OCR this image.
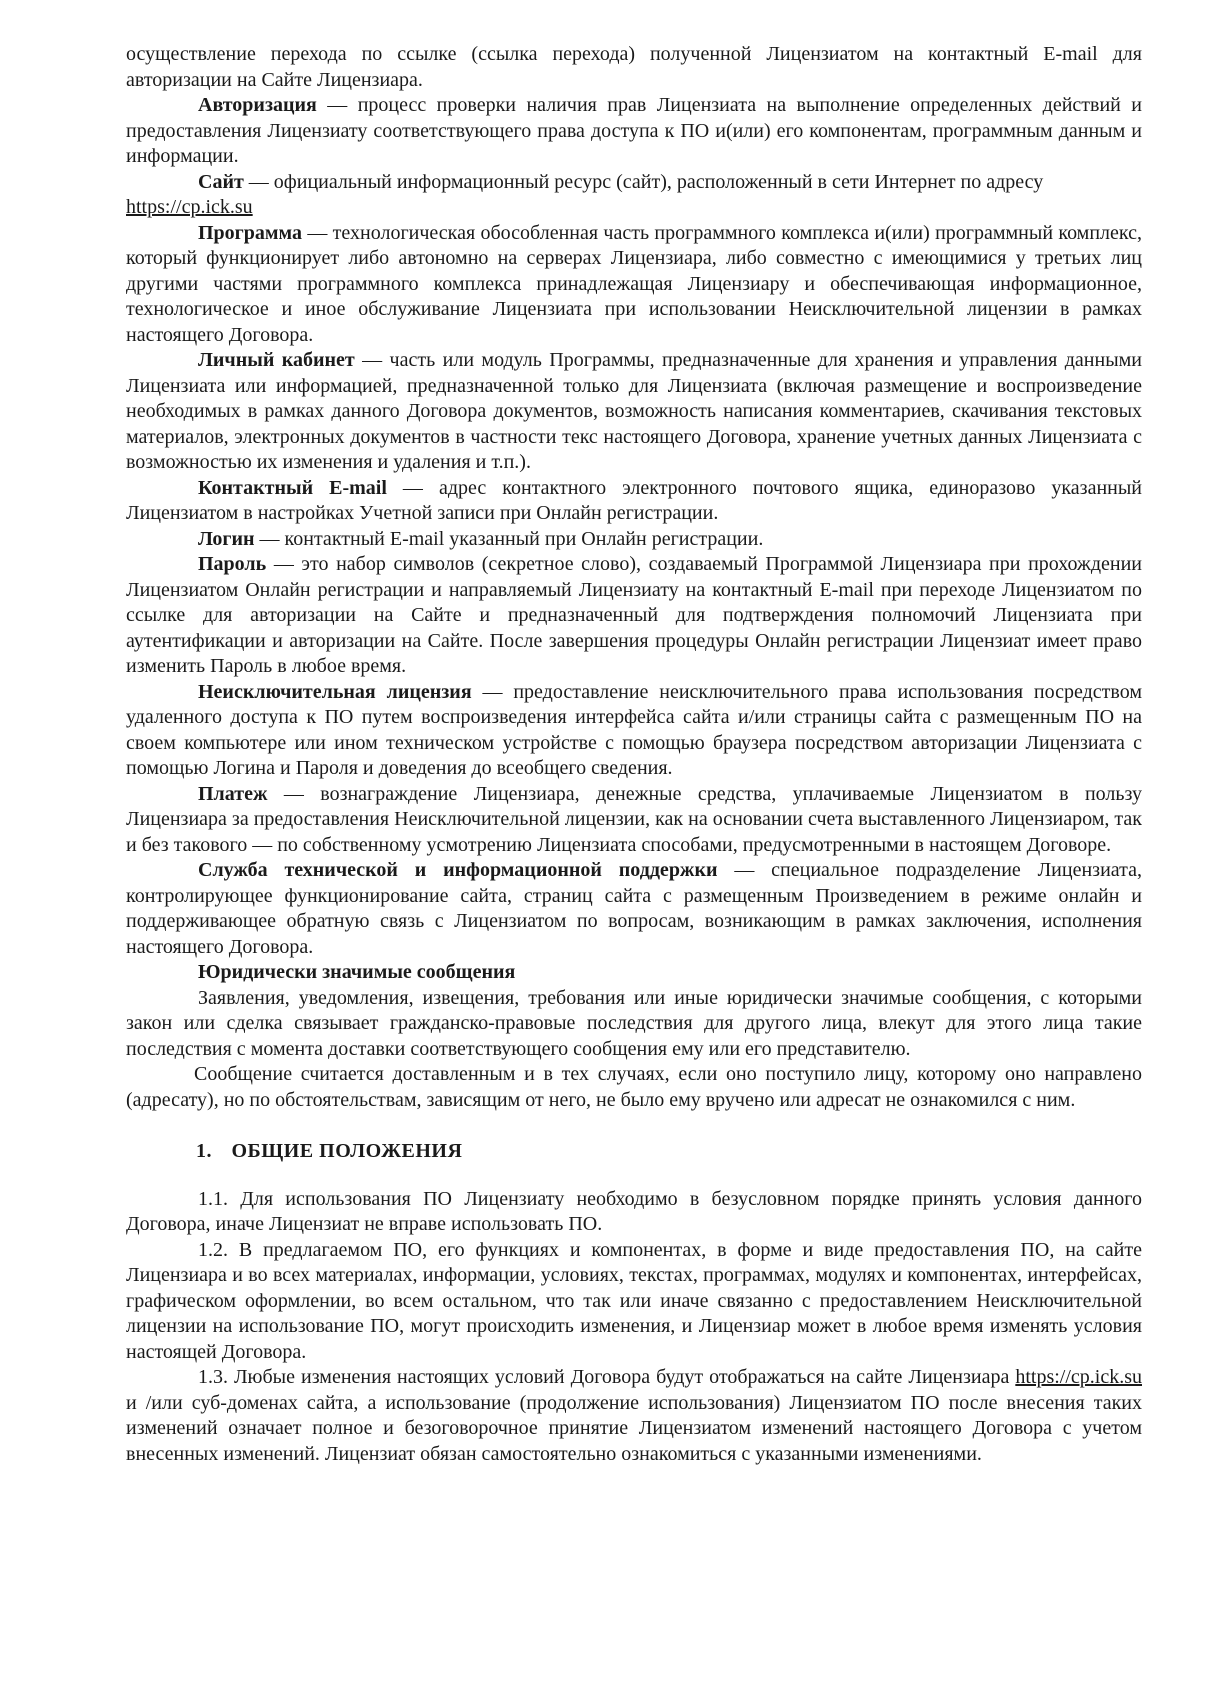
осуществление перехода по ссылке (ссылка перехода) полученной Лицензиатом на контактный E-mail для авторизации на Сайте Лицензиара.

Авторизация — процесс проверки наличия прав Лицензиата на выполнение определенных действий и предоставления Лицензиату соответствующего права доступа к ПО и(или) его компонентам, программным данным и информации.

Сайт — официальный информационный ресурс (сайт), расположенный в сети Интернет по адресу
https://cp.ick.su

Программа — технологическая обособленная часть программного комплекса и(или) программный комплекс, который функционирует либо автономно на серверах Лицензиара, либо совместно с имеющимися у третьих лиц другими частями программного комплекса принадлежащая Лицензиару и обеспечивающая информационное, технологическое и иное обслуживание Лицензиата при использовании Неисключительной лицензии в рамках настоящего Договора.

Личный кабинет — часть или модуль Программы, предназначенные для хранения и управления данными Лицензиата или информацией, предназначенной только для Лицензиата (включая размещение и воспроизведение необходимых в рамках данного Договора документов, возможность написания комментариев, скачивания текстовых материалов, электронных документов в частности текс настоящего Договора, хранение учетных данных Лицензиата с возможностью их изменения и удаления и т.п.).

Контактный E-mail — адрес контактного электронного почтового ящика, единоразово указанный Лицензиатом в настройках Учетной записи при Онлайн регистрации.

Логин — контактный E-mail указанный при Онлайн регистрации.

Пароль — это набор символов (секретное слово), создаваемый Программой Лицензиара при прохождении Лицензиатом Онлайн регистрации и направляемый Лицензиату на контактный E-mail при переходе Лицензиатом по ссылке для авторизации на Сайте и предназначенный для подтверждения полномочий Лицензиата при аутентификации и авторизации на Сайте. После завершения процедуры Онлайн регистрации Лицензиат имеет право изменить Пароль в любое время.

Неисключительная лицензия — предоставление неисключительного права использования посредством удаленного доступа к ПО путем воспроизведения интерфейса сайта и/или страницы сайта с размещенным ПО на своем компьютере или ином техническом устройстве с помощью браузера посредством авторизации Лицензиата с помощью Логина и Пароля и доведения до всеобщего сведения.

Платеж — вознаграждение Лицензиара, денежные средства, уплачиваемые Лицензиатом в пользу Лицензиара за предоставления Неисключительной лицензии, как на основании счета выставленного Лицензиаром, так и без такового — по собственному усмотрению Лицензиата способами, предусмотренными в настоящем Договоре.

Служба технической и информационной поддержки — специальное подразделение Лицензиата, контролирующее функционирование сайта, страниц сайта с размещенным Произведением в режиме онлайн и поддерживающее обратную связь с Лицензиатом по вопросам, возникающим в рамках заключения, исполнения настоящего Договора.

Юридически значимые сообщения

Заявления, уведомления, извещения, требования или иные юридически значимые сообщения, с которыми закон или сделка связывает гражданско-правовые последствия для другого лица, влекут для этого лица такие последствия с момента доставки соответствующего сообщения ему или его представителю.

Сообщение считается доставленным и в тех случаях, если оно поступило лицу, которому оно направлено (адресату), но по обстоятельствам, зависящим от него, не было ему вручено или адресат не ознакомился с ним.

1. ОБЩИЕ ПОЛОЖЕНИЯ

1.1. Для использования ПО Лицензиату необходимо в безусловном порядке принять условия данного Договора, иначе Лицензиат не вправе использовать ПО.

1.2. В предлагаемом ПО, его функциях и компонентах, в форме и виде предоставления ПО, на сайте Лицензиара и во всех материалах, информации, условиях, текстах, программах, модулях и компонентах, интерфейсах, графическом оформлении, во всем остальном, что так или иначе связанно с предоставлением Неисключительной лицензии на использование ПО, могут происходить изменения, и Лицензиар может в любое время изменять условия настоящей Договора.

1.3. Любые изменения настоящих условий Договора будут отображаться на сайте Лицензиара https://cp.ick.su и /или суб-доменах сайта, а использование (продолжение использования) Лицензиатом ПО после внесения таких изменений означает полное и безоговорочное принятие Лицензиатом изменений настоящего Договора с учетом внесенных изменений. Лицензиат обязан самостоятельно ознакомиться с указанными изменениями.
